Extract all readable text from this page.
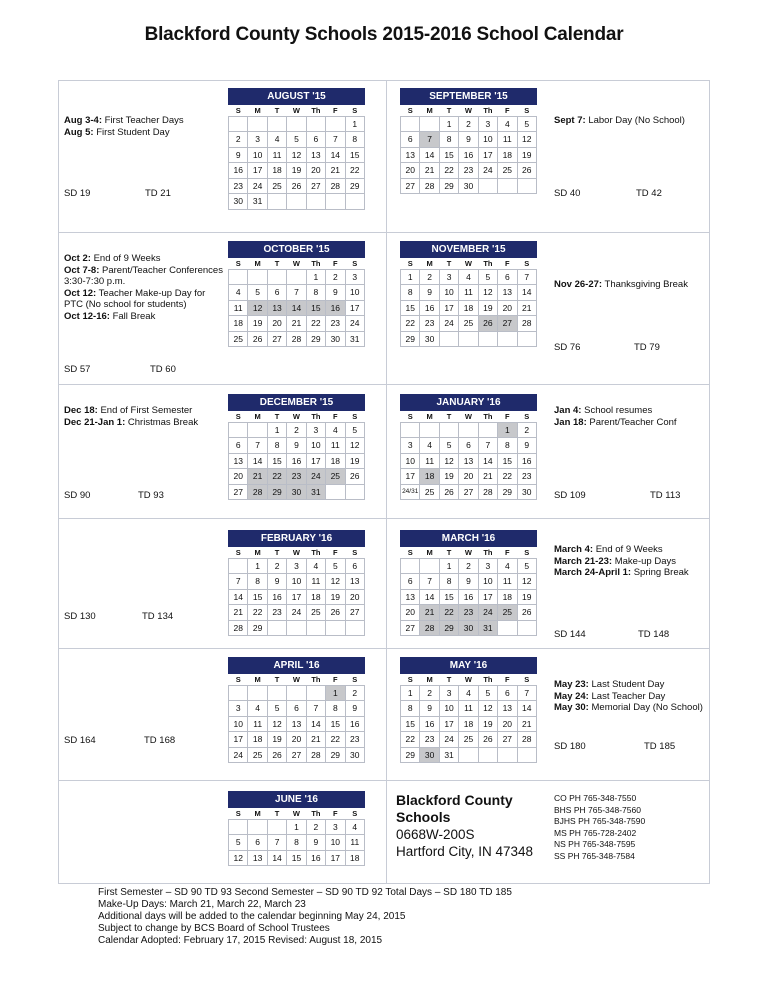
Blackford County Schools 2015-2016 School Calendar
AUGUST '15
S	M	T	W	Th	F	S
						1
2	3	4	5	6	7	8
9	10	11	12	13	14	15
16	17	18	19	20	21	22
23	24	25	26	27	28	29
30	31					
SEPTEMBER '15
S	M	T	W	Th	F	S
		1	2	3	4	5
6	7	8	9	10	11	12
13	14	15	16	17	18	19
20	21	22	23	24	25	26
27	28	29	30			
OCTOBER '15
S	M	T	W	Th	F	S
				1	2	3
4	5	6	7	8	9	10
11	12	13	14	15	16	17
18	19	20	21	22	23	24
25	26	27	28	29	30	31
NOVEMBER '15
S	M	T	W	Th	F	S
1	2	3	4	5	6	7
8	9	10	11	12	13	14
15	16	17	18	19	20	21
22	23	24	25	26	27	28
29	30					
DECEMBER '15
S	M	T	W	Th	F	S
		1	2	3	4	5
6	7	8	9	10	11	12
13	14	15	16	17	18	19
20	21	22	23	24	25	26
27	28	29	30	31		
JANUARY '16
S	M	T	W	Th	F	S
					1	2
3	4	5	6	7	8	9
10	11	12	13	14	15	16
17	18	19	20	21	22	23
24/31	25	26	27	28	29	30
FEBRUARY '16
S	M	T	W	Th	F	S
	1	2	3	4	5	6
7	8	9	10	11	12	13
14	15	16	17	18	19	20
21	22	23	24	25	26	27
28	29					
MARCH '16
S	M	T	W	Th	F	S
		1	2	3	4	5
6	7	8	9	10	11	12
13	14	15	16	17	18	19
20	21	22	23	24	25	26
27	28	29	30	31		
APRIL '16
S	M	T	W	Th	F	S
					1	2
3	4	5	6	7	8	9
10	11	12	13	14	15	16
17	18	19	20	21	22	23
24	25	26	27	28	29	30
MAY '16
S	M	T	W	Th	F	S
1	2	3	4	5	6	7
8	9	10	11	12	13	14
15	16	17	18	19	20	21
22	23	24	25	26	27	28
29	30	31				
JUNE '16
S	M	T	W	Th	F	S
			1	2	3	4
5	6	7	8	9	10	11
12	13	14	15	16	17	18
Aug 3-4: First Teacher Days
Aug 5: First Student Day
Sept 7: Labor Day (No School)
Oct 2: End of 9 Weeks
Oct 7-8: Parent/Teacher Conferences 3:30-7:30 p.m.
Oct 12: Teacher Make-up Day for PTC (No school for students)
Oct 12-16: Fall Break
Nov 26-27: Thanksgiving Break
Dec 18: End of First Semester
Dec 21-Jan 1: Christmas Break
Jan 4: School resumes
Jan 18: Parent/Teacher Conf
March 4: End of 9 Weeks
March 21-23: Make-up Days
March 24-April 1: Spring Break
May 23: Last Student Day
May 24: Last Teacher Day
May 30: Memorial Day (No School)
SD 19	TD 21	SD 40	TD 42
SD 57	TD 60
SD 76	TD 79
SD 90	TD 93	SD 109	TD 113
SD 130	TD 134
SD 144	TD 148
SD 164	TD 168
SD 180	TD 185
Blackford County
Schools
0668W-200S
Hartford City, IN 47348
CO PH 765-348-7550
BHS PH 765-348-7560
BJHS PH 765-348-7590
MS PH 765-728-2402
NS PH 765-348-7595
SS PH 765-348-7584
First Semester – SD 90 TD 93 Second Semester – SD 90 TD 92 Total Days – SD 180 TD 185
Make-Up Days: March 21, March 22, March 23
Additional days will be added to the calendar beginning May 24, 2015
Subject to change by BCS Board of School Trustees
Calendar Adopted: February 17, 2015 Revised: August 18, 2015
